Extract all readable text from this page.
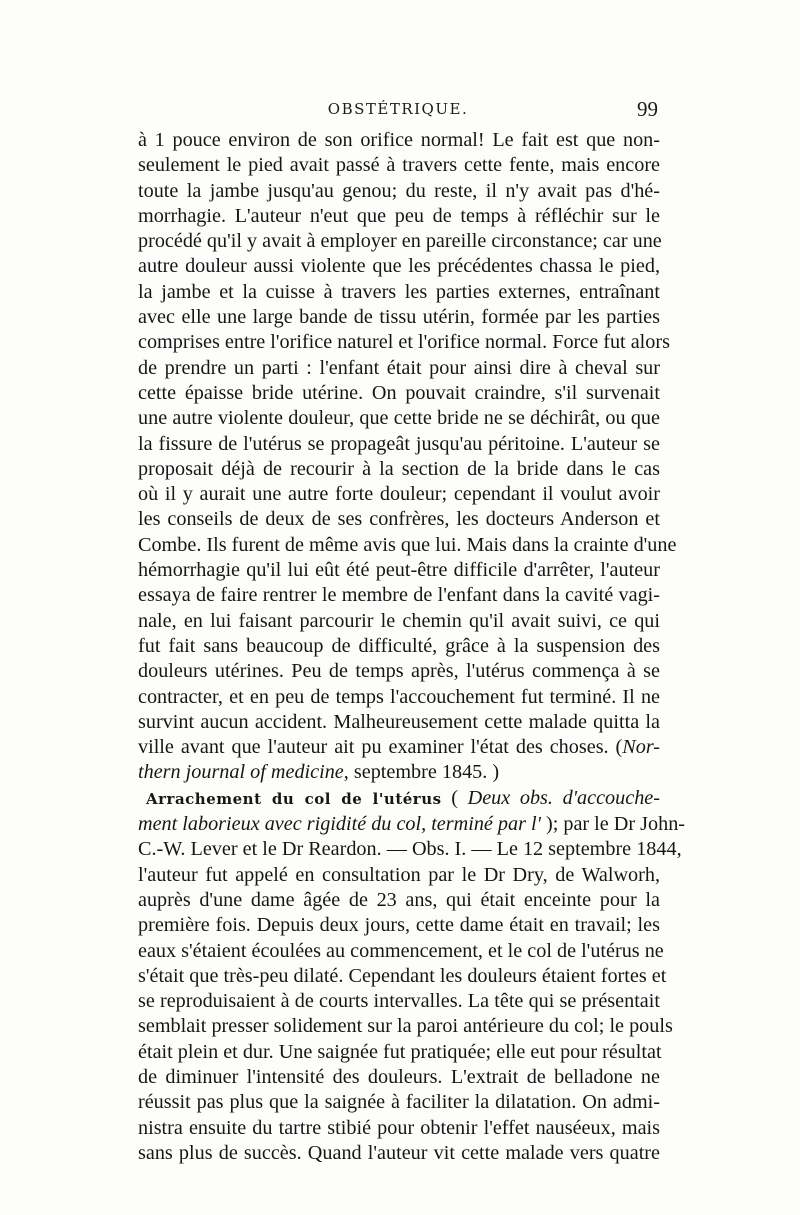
OBSTÉTRIQUE.	99
à 1 pouce environ de son orifice normal! Le fait est que non-
seulement le pied avait passé à travers cette fente, mais encore
toute la jambe jusqu'au genou; du reste, il n'y avait pas d'hé-
morrhagie. L'auteur n'eut que peu de temps à réfléchir sur le
procédé qu'il y avait à employer en pareille circonstance; car une
autre douleur aussi violente que les précédentes chassa le pied,
la jambe et la cuisse à travers les parties externes, entraînant
avec elle une large bande de tissu utérin, formée par les parties
comprises entre l'orifice naturel et l'orifice normal. Force fut alors
de prendre un parti : l'enfant était pour ainsi dire à cheval sur
cette épaisse bride utérine. On pouvait craindre, s'il survenait
une autre violente douleur, que cette bride ne se déchirât, ou que
la fissure de l'utérus se propageât jusqu'au péritoine. L'auteur se
proposait déjà de recourir à la section de la bride dans le cas
où il y aurait une autre forte douleur; cependant il voulut avoir
les conseils de deux de ses confrères, les docteurs Anderson et
Combe. Ils furent de même avis que lui. Mais dans la crainte d'une
hémorrhagie qu'il lui eût été peut-être difficile d'arrêter, l'auteur
essaya de faire rentrer le membre de l'enfant dans la cavité vagi-
nale, en lui faisant parcourir le chemin qu'il avait suivi, ce qui
fut fait sans beaucoup de difficulté, grâce à la suspension des
douleurs utérines. Peu de temps après, l'utérus commença à se
contracter, et en peu de temps l'accouchement fut terminé. Il ne
survint aucun accident. Malheureusement cette malade quitta la
ville avant que l'auteur ait pu examiner l'état des choses. (Nor-
thern journal of medicine, septembre 1845. )
Arrachement du col de l'utérus ( Deux obs. d'accouche-
ment laborieux avec rigidité du col, terminé par l' ); par le Dr John-
C.-W. Lever et le Dr Reardon. — Obs. I. — Le 12 septembre 1844,
l'auteur fut appelé en consultation par le Dr Dry, de Walworh,
auprès d'une dame âgée de 23 ans, qui était enceinte pour la
première fois. Depuis deux jours, cette dame était en travail; les
eaux s'étaient écoulées au commencement, et le col de l'utérus ne
s'était que très-peu dilaté. Cependant les douleurs étaient fortes et
se reproduisaient à de courts intervalles. La tête qui se présentait
semblait presser solidement sur la paroi antérieure du col; le pouls
était plein et dur. Une saignée fut pratiquée; elle eut pour résultat
de diminuer l'intensité des douleurs. L'extrait de belladone ne
réussit pas plus que la saignée à faciliter la dilatation. On admi-
nistra ensuite du tartre stibié pour obtenir l'effet nauséeux, mais
sans plus de succès. Quand l'auteur vit cette malade vers quatre
